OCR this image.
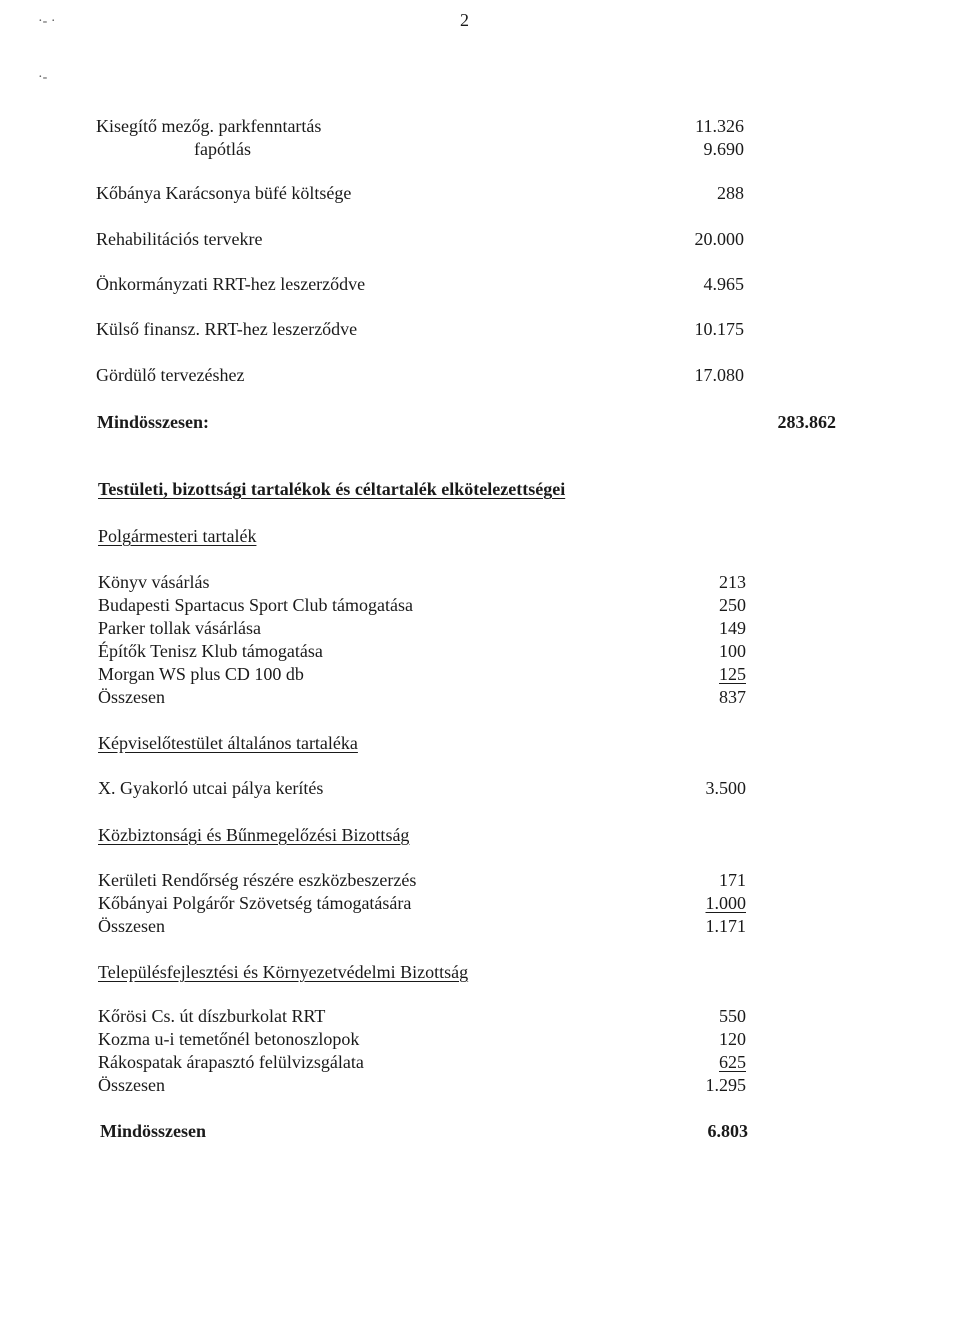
·‐ ·
·‐
2
Kisegítő mezőg. parkfenntartás	11.326
fapótlás	9.690
Kőbánya Karácsonya büfé költsége	288
Rehabilitációs tervekre	20.000
Önkormányzati RRT-hez leszerződve	4.965
Külső finansz. RRT-hez leszerződve	10.175
Gördülő tervezéshez	17.080
Mindösszesen:	283.862
Testületi, bizottsági tartalékok és céltartalék elkötelezettségei
Polgármesteri tartalék
Könyv vásárlás	213
Budapesti Spartacus Sport Club támogatása	250
Parker tollak vásárlása	149
Építők Tenisz Klub támogatása	100
Morgan WS plus CD 100 db	125
Összesen	837
Képviselőtestület általános tartaléka
X. Gyakorló utcai pálya kerítés	3.500
Közbiztonsági és Bűnmegelőzési Bizottság
Kerületi Rendőrség részére eszközbeszerzés	171
Kőbányai Polgárőr Szövetség támogatására	1.000
Összesen	1.171
Településfejlesztési és Környezetvédelmi Bizottság
Kőrösi Cs. út díszburkolat RRT	550
Kozma u-i temetőnél betonoszlopok	120
Rákospatak árapasztó felülvizsgálata	625
Összesen	1.295
Mindösszesen	6.803
